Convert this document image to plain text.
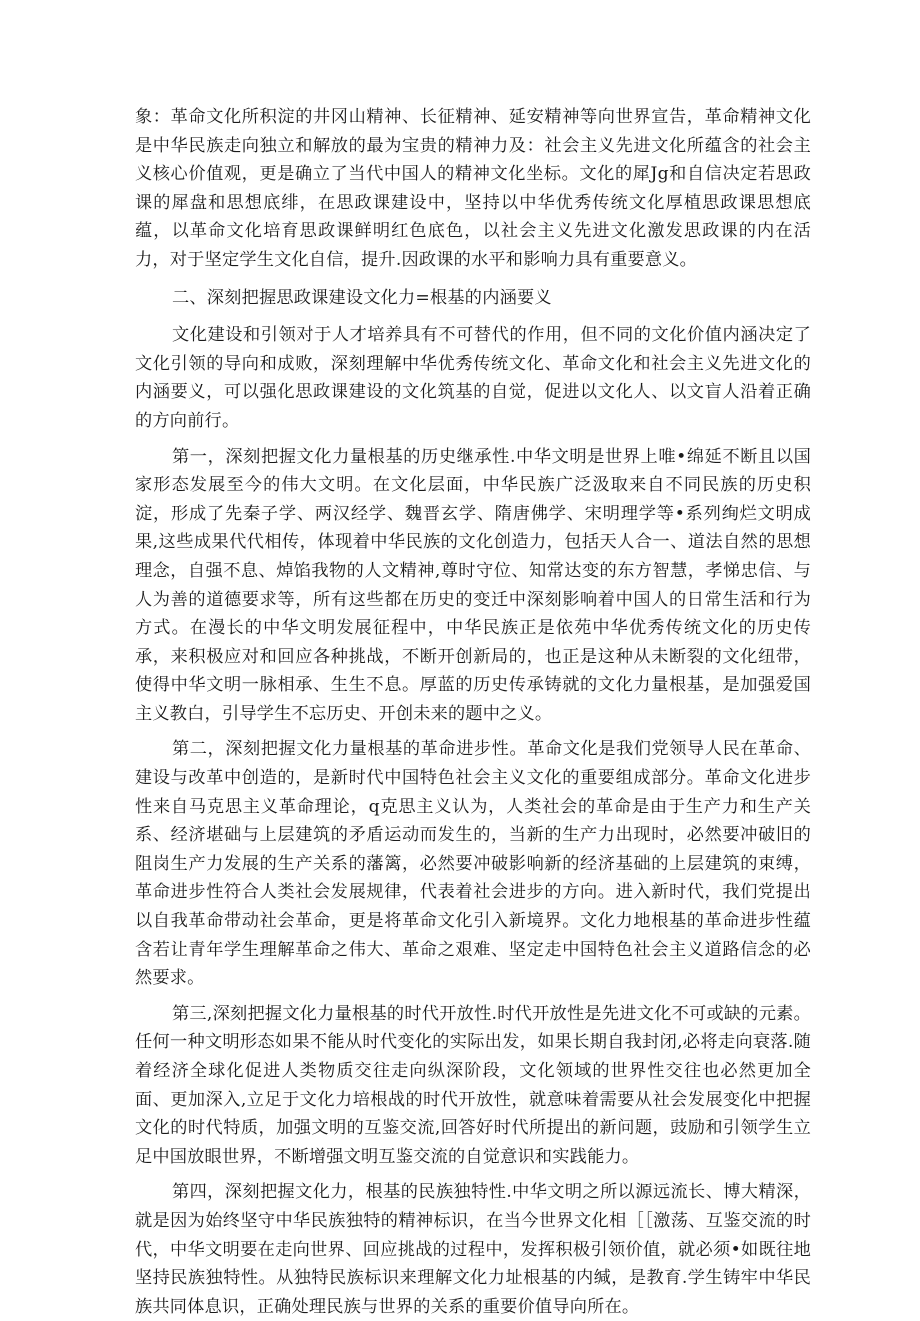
象：革命文化所积淀的井冈山精神、长征精神、延安精神等向世界宣告，革命精神文化是中华民族走向独立和解放的最为宝贵的精神力及：社会主义先进文化所蕴含的社会主义核心价值观，更是确立了当代中国人的精神文化坐标。文化的犀Jg和自信决定若思政课的犀盘和思想底绯，在思政课建设中，坚持以中华优秀传统文化厚植思政课思想底蕴，以革命文化培育思政课鲜明红色底色，以社会主义先进文化激发思政课的内在活力，对于坚定学生文化自信，提升.因政课的水平和影响力具有重要意义。

二、深刻把握思政课建设文化力=根基的内涵要义

文化建设和引领对于人才培养具有不可替代的作用，但不同的文化价值内涵决定了文化引领的导向和成败，深刻理解中华优秀传统文化、革命文化和社会主义先进文化的内涵要义，可以强化思政课建设的文化筑基的自觉，促进以文化人、以文盲人沿着正确的方向前行。

第一，深刻把握文化力量根基的历史继承性.中华文明是世界上唯•绵延不断且以国家形态发展至今的伟大文明。在文化层面，中华民族广泛汲取来自不同民族的历史积淀，形成了先秦子学、两汉经学、魏晋玄学、隋唐佛学、宋明理学等•系列绚烂文明成果,这些成果代代相传，体现着中华民族的文化创造力，包括天人合一、道法自然的思想理念，自强不息、焯馅我物的人文精神,尊时守位、知常达变的东方智慧，孝悌忠信、与人为善的道德要求等，所有这些都在历史的变迁中深刻影响着中国人的日常生活和行为方式。在漫长的中华文明发展征程中，中华民族正是依苑中华优秀传统文化的历史传承，来积极应对和回应各种挑战，不断开创新局的，也正是这种从未断裂的文化纽带，使得中华文明一脉相承、生生不息。厚蓝的历史传承铸就的文化力量根基，是加强爱国主义教白，引导学生不忘历史、开创未来的题中之义。

第二，深刻把握文化力量根基的革命进步性。革命文化是我们党领导人民在革命、建设与改革中创造的，是新时代中国特色社会主义文化的重要组成部分。革命文化进步性来自马克思主义革命理论，q克思主义认为，人类社会的革命是由于生产力和生产关系、经济堪础与上层建筑的矛盾运动而发生的，当新的生产力出现时，必然要冲破旧的阻岗生产力发展的生产关系的藩篱，必然要冲破影响新的经济基础的上层建筑的束缚，革命进步性符合人类社会发展规律，代表着社会进步的方向。进入新时代，我们党提出以自我革命带动社会革命，更是将革命文化引入新境界。文化力地根基的革命进步性蕴含若让青年学生理解革命之伟大、革命之艰难、坚定走中国特色社会主义道路信念的必然要求。

第三,深刻把握文化力量根基的时代开放性.时代开放性是先进文化不可或缺的元素。任何一种文明形态如果不能从时代变化的实际出发，如果长期自我封闭,必将走向衰落.随着经济全球化促进人类物质交往走向纵深阶段，文化领域的世界性交往也必然更加全面、更加深入,立足于文化力培根战的时代开放性，就意味着需要从社会发展变化中把握文化的时代特质，加强文明的互鉴交流,回答好时代所提出的新问题，豉励和引领学生立足中国放眼世界，不断增强文明互鉴交流的自觉意识和实践能力。

第四，深刻把握文化力，根基的民族独特性.中华文明之所以源远流长、博大精深，就是因为始终坚守中华民族独特的精神标识，在当今世界文化相［［激荡、互鉴交流的时代，中华文明要在走向世界、回应挑战的过程中，发挥积极引领价值，就必须•如既往地坚持民族独特性。从独特民族标识来理解文化力址根基的内缄，是教育.学生铸牢中华民族共同体息识，正确处理民族与世界的关系的重要价值导向所在。
